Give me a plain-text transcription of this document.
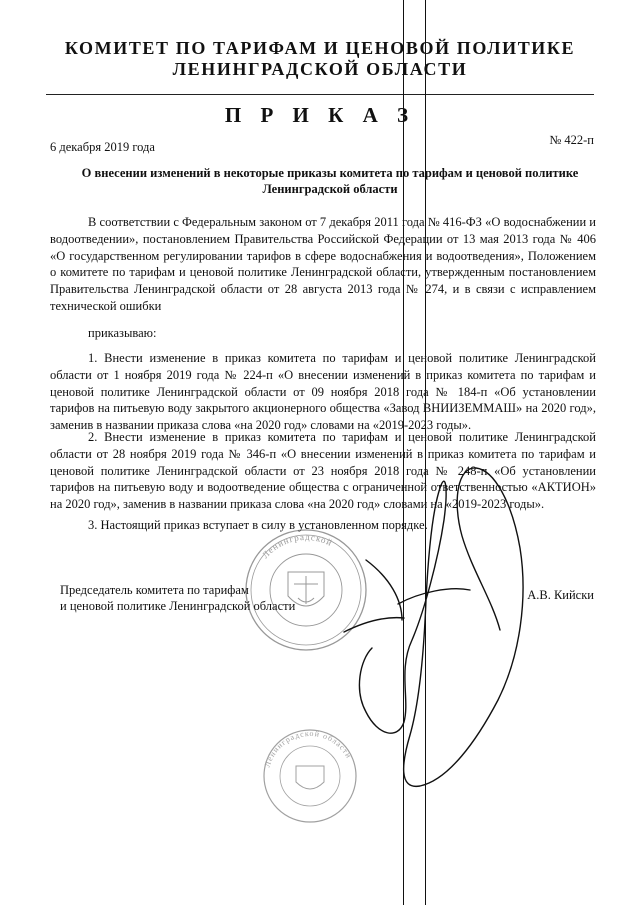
КОМИТЕТ ПО ТАРИФАМ И ЦЕНОВОЙ ПОЛИТИКЕ
ЛЕНИНГРАДСКОЙ ОБЛАСТИ
П Р И К А З
6 декабря 2019 года	№ 422-п
О внесении изменений в некоторые приказы комитета по тарифам и ценовой политике
Ленинградской области

В соответствии с Федеральным законом от 7 декабря 2011 года № 416-ФЗ «О водоснабжении и водоотведении», постановлением Правительства Российской Федерации от 13 мая 2013 года № 406 «О государственном регулировании тарифов в сфере водоснабжения и водоотведения», Положением о комитете по тарифам и ценовой политике Ленинградской области, утвержденным постановлением Правительства Ленинградской области от 28 августа 2013 года № 274, и в связи с исправлением технической ошибки

приказываю:

1. Внести изменение в приказ комитета по тарифам и ценовой политике Ленинградской области от 1 ноября 2019 года № 224-п «О внесении изменений в приказ комитета по тарифам и ценовой политике Ленинградской области от 09 ноября 2018 года № 184-п «Об установлении тарифов на питьевую воду закрытого акционерного общества «Завод ВНИИЗЕММАШ» на 2020 год», заменив в названии приказа слова «на 2020 год» словами на «2019-2023 годы».

2. Внести изменение в приказ комитета по тарифам и ценовой политике Ленинградской области от 28 ноября 2019 года № 346-п «О внесении изменений в приказ комитета по тарифам и ценовой политике Ленинградской области от 23 ноября 2018 года № 248-п «Об установлении тарифов на питьевую воду и водоотведение общества с ограниченной ответственностью «АКТИОН» на 2020 год», заменив в названии приказа слова «на 2020 год» словами на «2019-2023 годы».

3. Настоящий приказ вступает в силу в установленном порядке.

Председатель комитета по тарифам
и ценовой политике Ленинградской области
А.В. Кийски
Ленинградской
Ленинградской области
